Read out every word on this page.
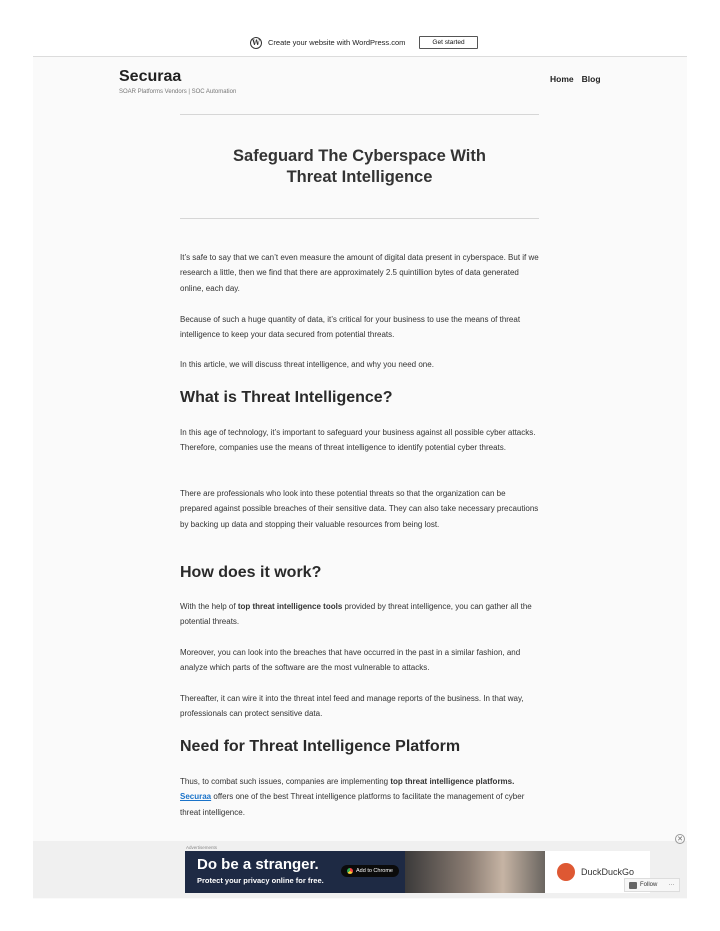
W Create your website with WordPress.com	Get started
Securaa
SOAR Platforms Vendors | SOC Automation
Home Blog
Safeguard The Cyberspace With
Threat Intelligence

It’s safe to say that we can’t even measure the amount of digital data present in cyberspace. But if we research a little, then we find that there are approximately 2.5 quintillion bytes of data generated online, each day.

Because of such a huge quantity of data, it’s critical for your business to use the means of threat intelligence to keep your data secured from potential threats.

In this article, we will discuss threat intelligence, and why you need one.

What is Threat Intelligence?

In this age of technology, it’s important to safeguard your business against all possible cyber attacks. Therefore, companies use the means of threat intelligence to identify potential cyber threats.

There are professionals who look into these potential threats so that the organization can be prepared against possible breaches of their sensitive data. They can also take necessary precautions by backing up data and stopping their valuable resources from being lost.

How does it work?

With the help of top threat intelligence tools provided by threat intelligence, you can gather all the potential threats.

Moreover, you can look into the breaches that have occurred in the past in a similar fashion, and analyze which parts of the software are the most vulnerable to attacks.

Thereafter, it can wire it into the threat intel feed and manage reports of the business. In that way, professionals can protect sensitive data.

Need for Threat Intelligence Platform

Thus, to combat such issues, companies are implementing top threat intelligence platforms. Securaa offers one of the best Threat intelligence platforms to facilitate the management of cyber threat intelligence.

✕
Advertisements
Do be a stranger.
Protect your privacy online for free.
Add to Chrome	DuckDuckGo
Follow ···
